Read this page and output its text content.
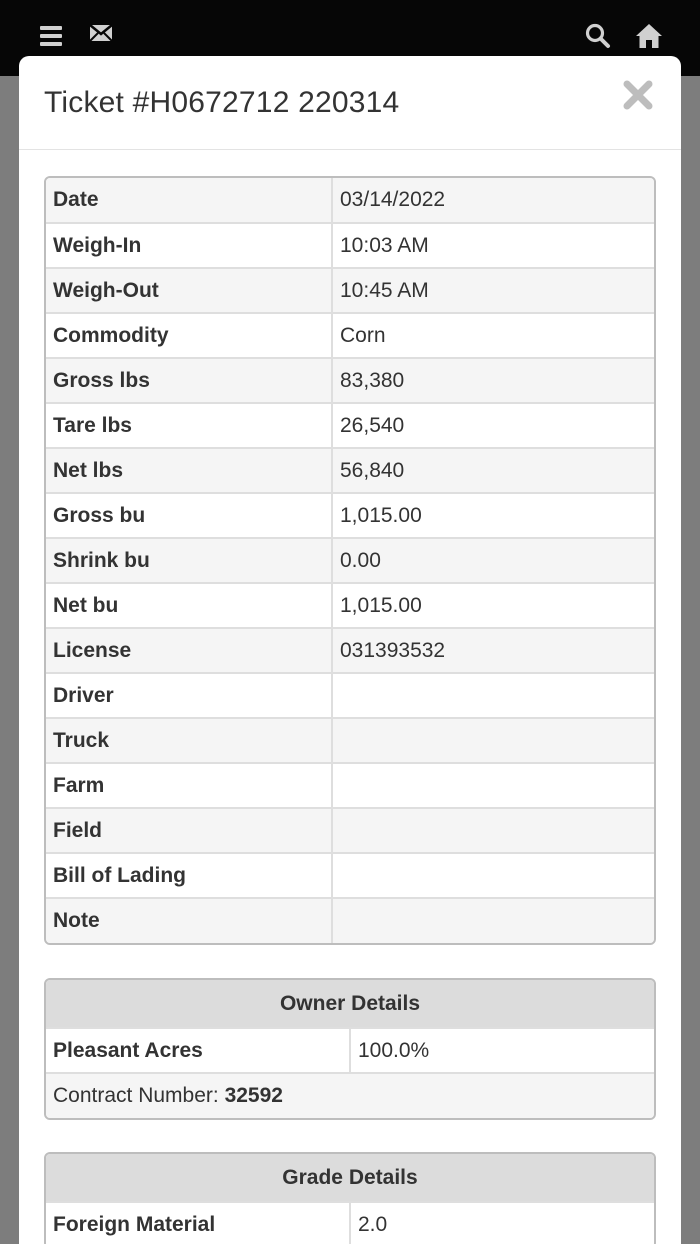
Ticket #H0672712 220314
Date	03/14/2022
Weigh-In	10:03 AM
Weigh-Out	10:45 AM
Commodity	Corn
Gross lbs	83,380
Tare lbs	26,540
Net lbs	56,840
Gross bu	1,015.00
Shrink bu	0.00
Net bu	1,015.00
License	031393532
Driver	
Truck	
Farm	
Field	
Bill of Lading	
Note	
Owner Details
Pleasant Acres	100.0%
Contract Number: 32592
Grade Details
Foreign Material	2.0
